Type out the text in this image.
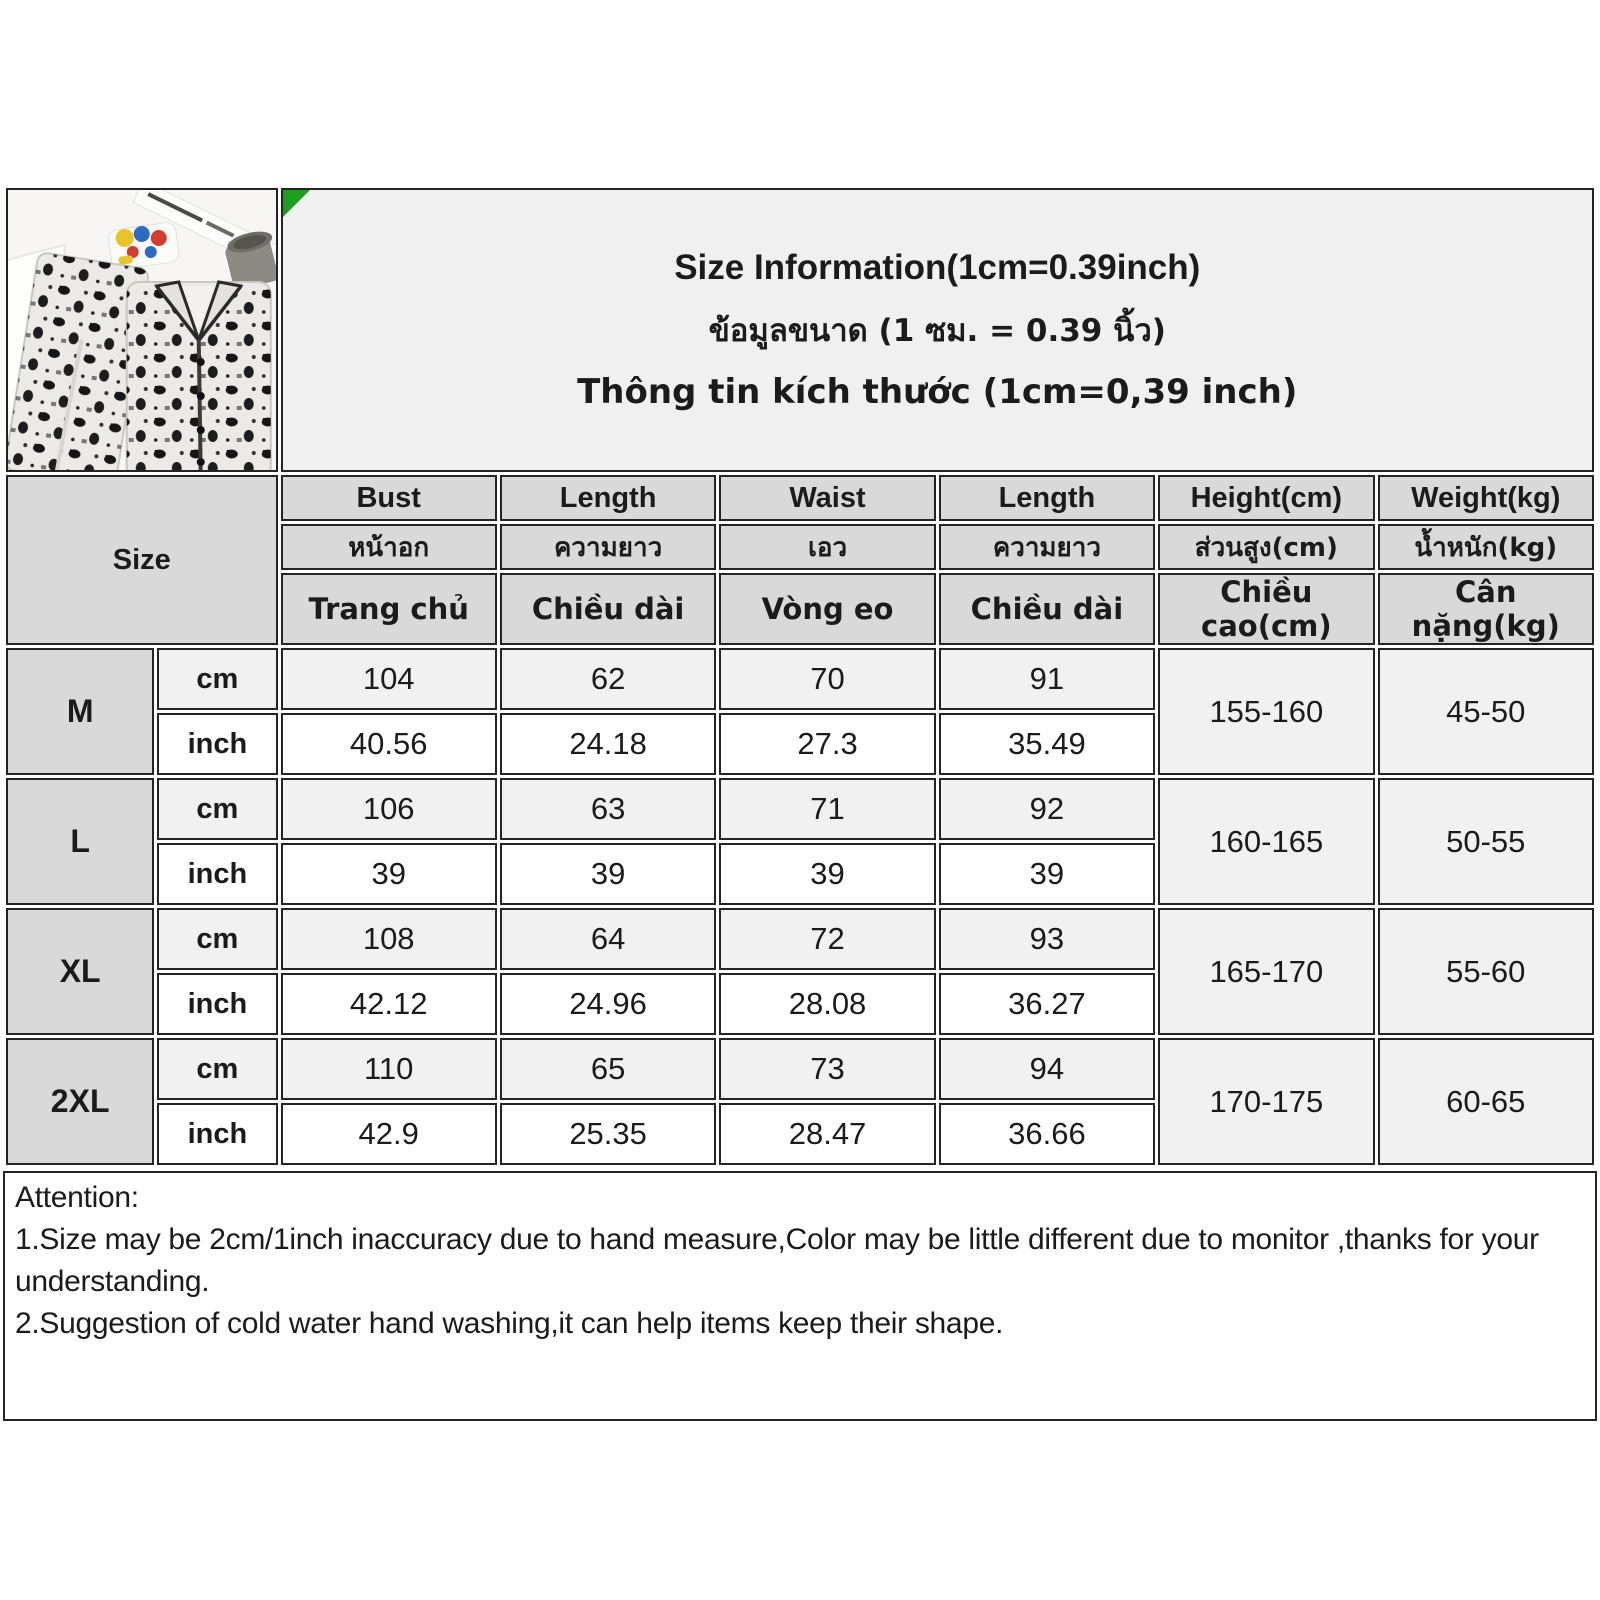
Size Information(1cm=0.39inch)
ข้อมูลขนาด (1 ซม. = 0.39 นิ้ว)
Thông tin kích thước (1cm=0,39 inch)					

Size		Bust	Length	Waist	Length	Height(cm)	Weight(kg)
		หน้าอก	ความยาว	เอว	ความยาว	ส่วนสูง(cm)	น้ำหนัก(kg)
		Trang chủ	Chiều dài	Vòng eo	Chiều dài	Chiều cao(cm)	Cân nặng(kg)
M	cm	104	62	70	91	155-160	45-50
	inch	40.56	24.18	27.3	35.49		
L	cm	106	63	71	92	160-165	50-55
	inch	39	39	39	39		
XL	cm	108	64	72	93	165-170	55-60
	inch	42.12	24.96	28.08	36.27		
2XL	cm	110	65	73	94	170-175	60-65
	inch	42.9	25.35	28.47	36.66		
Attention:
1.Size may be 2cm/1inch inaccuracy due to hand measure,Color may be little different due to monitor ,thanks for your understanding.
2.Suggestion of cold water hand washing,it can help items keep their shape.
